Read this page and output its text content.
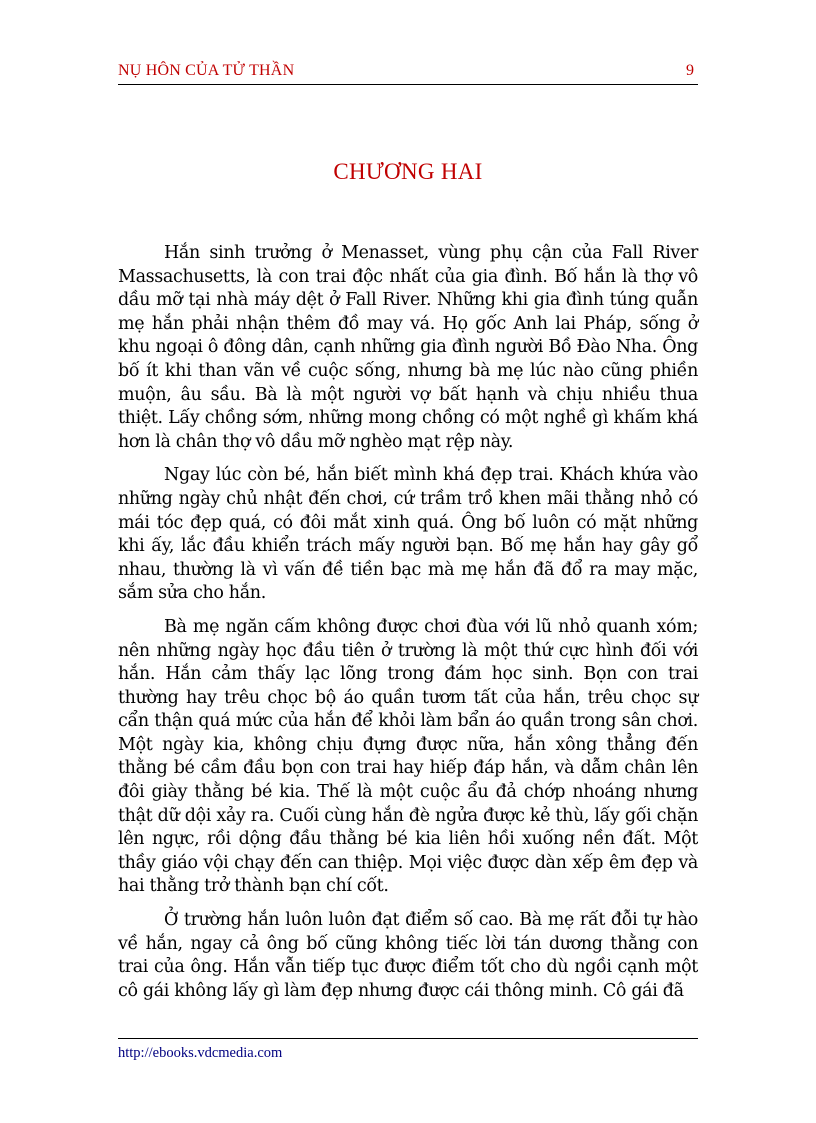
NỤ HÔN CỦA TỬ THẦN	9
CHƯƠNG HAI

Hắn sinh trưởng ở Menasset, vùng phụ cận của Fall River Massachusetts, là con trai độc nhất của gia đình. Bố hắn là thợ vô dầu mỡ tại nhà máy dệt ở Fall River. Những khi gia đình túng quẫn mẹ hắn phải nhận thêm đồ may vá. Họ gốc Anh lai Pháp, sống ở khu ngoại ô đông dân, cạnh những gia đình người Bồ Đào Nha. Ông bố ít khi than vãn về cuộc sống, nhưng bà mẹ lúc nào cũng phiền muộn, âu sầu. Bà là một người vợ bất hạnh và chịu nhiều thua thiệt. Lấy chồng sớm, những mong chồng có một nghề gì khấm khá hơn là chân thợ vô dầu mỡ nghèo mạt rệp này.

Ngay lúc còn bé, hắn biết mình khá đẹp trai. Khách khứa vào những ngày chủ nhật đến chơi, cứ trầm trồ khen mãi thằng nhỏ có mái tóc đẹp quá, có đôi mắt xinh quá. Ông bố luôn có mặt những khi ấy, lắc đầu khiển trách mấy người bạn. Bố mẹ hắn hay gây gổ nhau, thường là vì vấn đề tiền bạc mà mẹ hắn đã đổ ra may mặc, sắm sửa cho hắn.

Bà mẹ ngăn cấm không được chơi đùa với lũ nhỏ quanh xóm; nên những ngày học đầu tiên ở trường là một thứ cực hình đối với hắn. Hắn cảm thấy lạc lõng trong đám học sinh. Bọn con trai thường hay trêu chọc bộ áo quần tươm tất của hắn, trêu chọc sự cẩn thận quá mức của hắn để khỏi làm bẩn áo quần trong sân chơi. Một ngày kia, không chịu đựng được nữa, hắn xông thẳng đến thằng bé cầm đầu bọn con trai hay hiếp đáp hắn, và dẫm chân lên đôi giày thằng bé kia. Thế là một cuộc ẩu đả chớp nhoáng nhưng thật dữ dội xảy ra. Cuối cùng hắn đè ngửa được kẻ thù, lấy gối chặn lên ngực, rồi dộng đầu thằng bé kia liên hồi xuống nền đất. Một thầy giáo vội chạy đến can thiệp. Mọi việc được dàn xếp êm đẹp và hai thằng trở thành bạn chí cốt.

Ở trường hắn luôn luôn đạt điểm số cao. Bà mẹ rất đỗi tự hào về hắn, ngay cả ông bố cũng không tiếc lời tán dương thằng con trai của ông. Hắn vẫn tiếp tục được điểm tốt cho dù ngồi cạnh một cô gái không lấy gì làm đẹp nhưng được cái thông minh. Cô gái đã

http://ebooks.vdcmedia.com
